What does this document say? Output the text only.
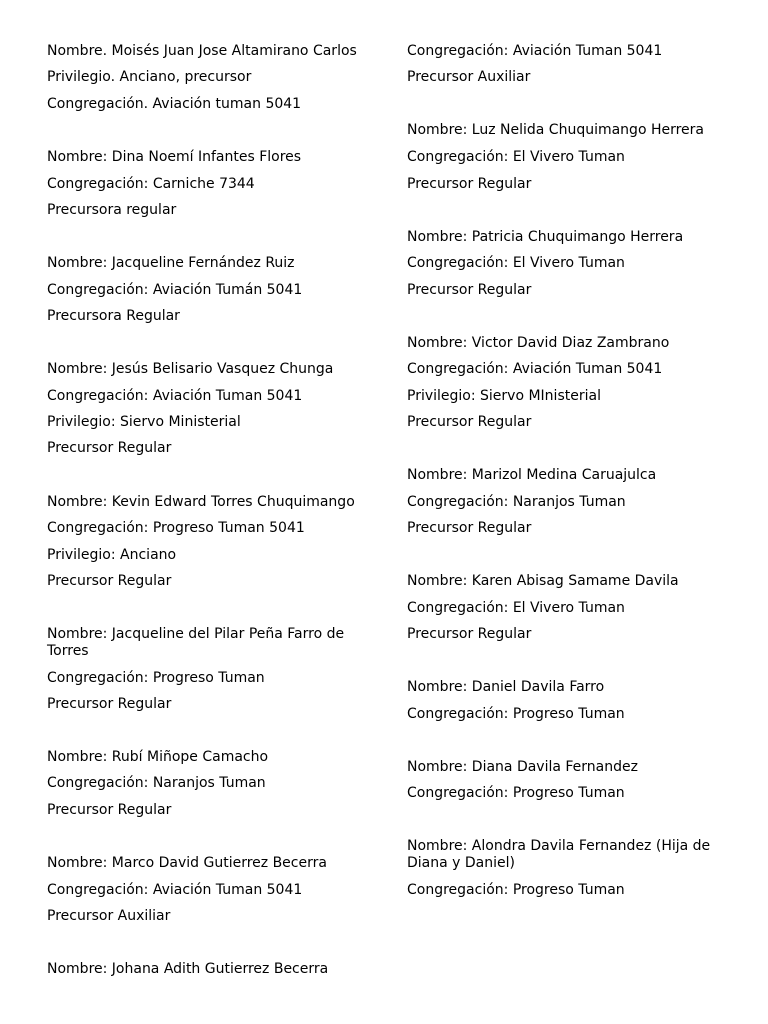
Nombre. Moisés Juan Jose Altamirano Carlos
Privilegio. Anciano, precursor
Congregación. Aviación tuman 5041
Nombre: Dina Noemí Infantes Flores
Congregación: Carniche 7344
Precursora regular
Nombre: Jacqueline Fernández Ruiz
Congregación: Aviación Tumán 5041
Precursora Regular
Nombre: Jesús Belisario Vasquez Chunga
Congregación: Aviación Tuman 5041
Privilegio: Siervo Ministerial
Precursor Regular
Nombre: Kevin Edward Torres Chuquimango
Congregación: Progreso Tuman 5041
Privilegio: Anciano
Precursor Regular
Nombre: Jacqueline del Pilar Peña Farro de Torres
Congregación: Progreso Tuman
Precursor Regular
Nombre: Rubí Miñope Camacho
Congregación: Naranjos Tuman
Precursor Regular
Nombre: Marco David Gutierrez Becerra
Congregación: Aviación Tuman 5041
Precursor Auxiliar
Nombre: Johana Adith Gutierrez Becerra
Congregación: Aviación Tuman 5041
Precursor Auxiliar
Nombre: Luz Nelida Chuquimango Herrera
Congregación: El Vivero Tuman
Precursor Regular
Nombre: Patricia Chuquimango Herrera
Congregación: El Vivero Tuman
Precursor Regular
Nombre: Victor David Diaz Zambrano
Congregación: Aviación Tuman 5041
Privilegio: Siervo MInisterial
Precursor Regular
Nombre: Marizol Medina Caruajulca
Congregación: Naranjos Tuman
Precursor Regular
Nombre: Karen Abisag Samame Davila
Congregación: El Vivero Tuman
Precursor Regular
Nombre: Daniel Davila Farro
Congregación: Progreso Tuman
Nombre: Diana Davila Fernandez
Congregación: Progreso Tuman
Nombre: Alondra Davila Fernandez (Hija de Diana y Daniel)
Congregación: Progreso Tuman
